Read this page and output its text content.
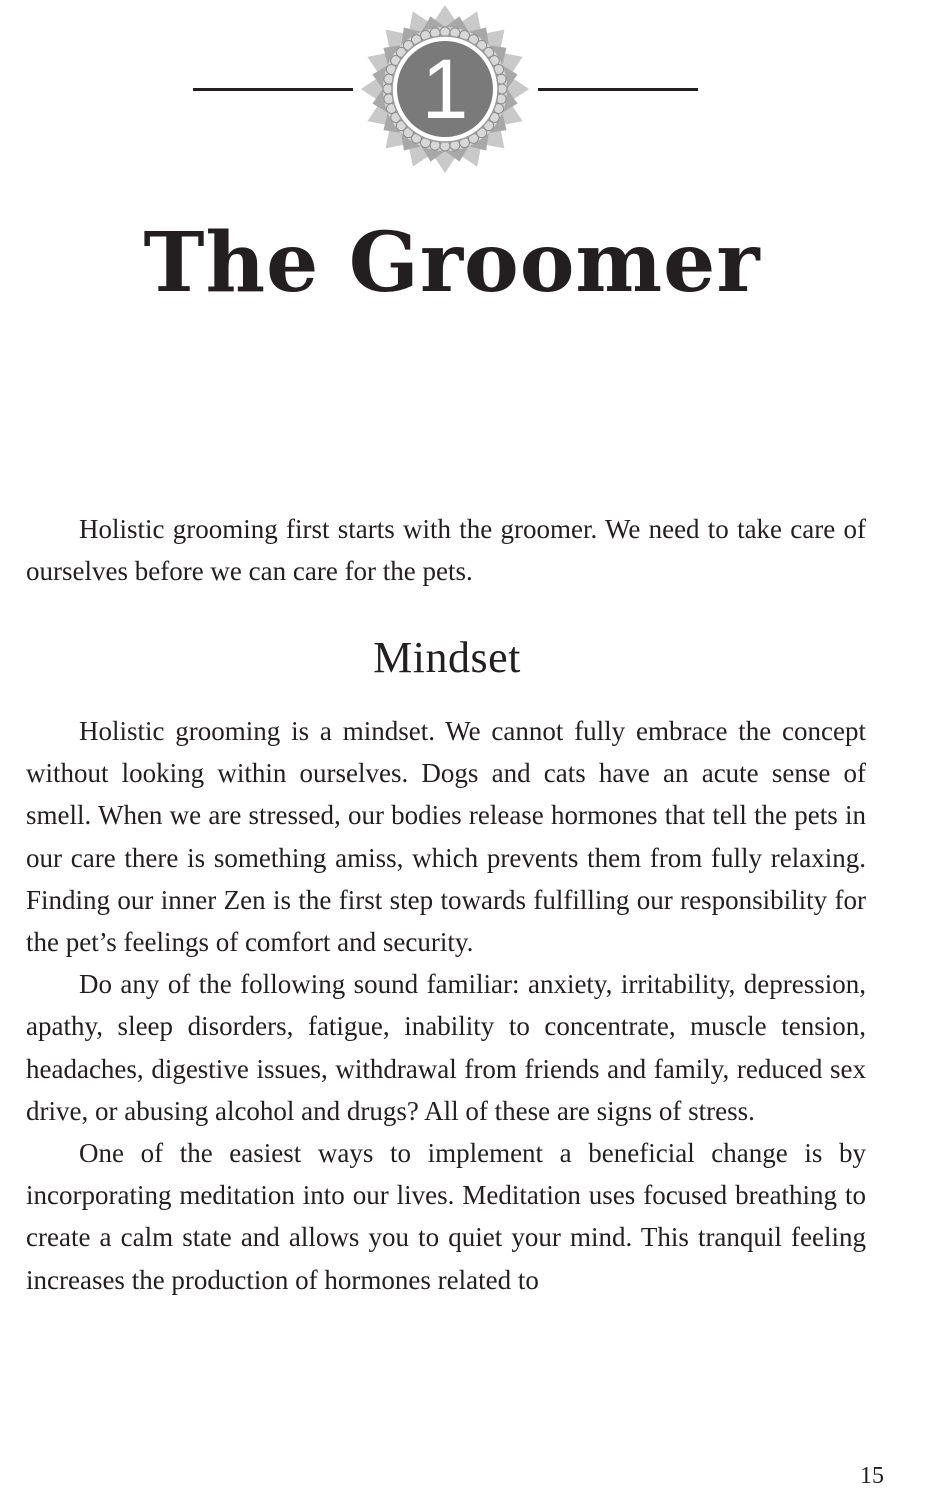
1
The Groomer

Holistic grooming first starts with the groomer. We need to take care of ourselves before we can care for the pets.

Mindset

Holistic grooming is a mindset. We cannot fully embrace the concept without looking within ourselves. Dogs and cats have an acute sense of smell. When we are stressed, our bodies release hormones that tell the pets in our care there is something amiss, which prevents them from fully relaxing. Finding our inner Zen is the first step towards fulfilling our responsibility for the pet’s feelings of comfort and security.

Do any of the following sound familiar: anxiety, irritability, depression, apathy, sleep disorders, fatigue, inability to concentrate, muscle tension, headaches, digestive issues, withdrawal from friends and family, reduced sex drive, or abusing alcohol and drugs? All of these are signs of stress.

One of the easiest ways to implement a beneficial change is by incorporating meditation into our lives. Meditation uses focused breathing to create a calm state and allows you to quiet your mind. This tranquil feeling increases the production of hormones related to

15
